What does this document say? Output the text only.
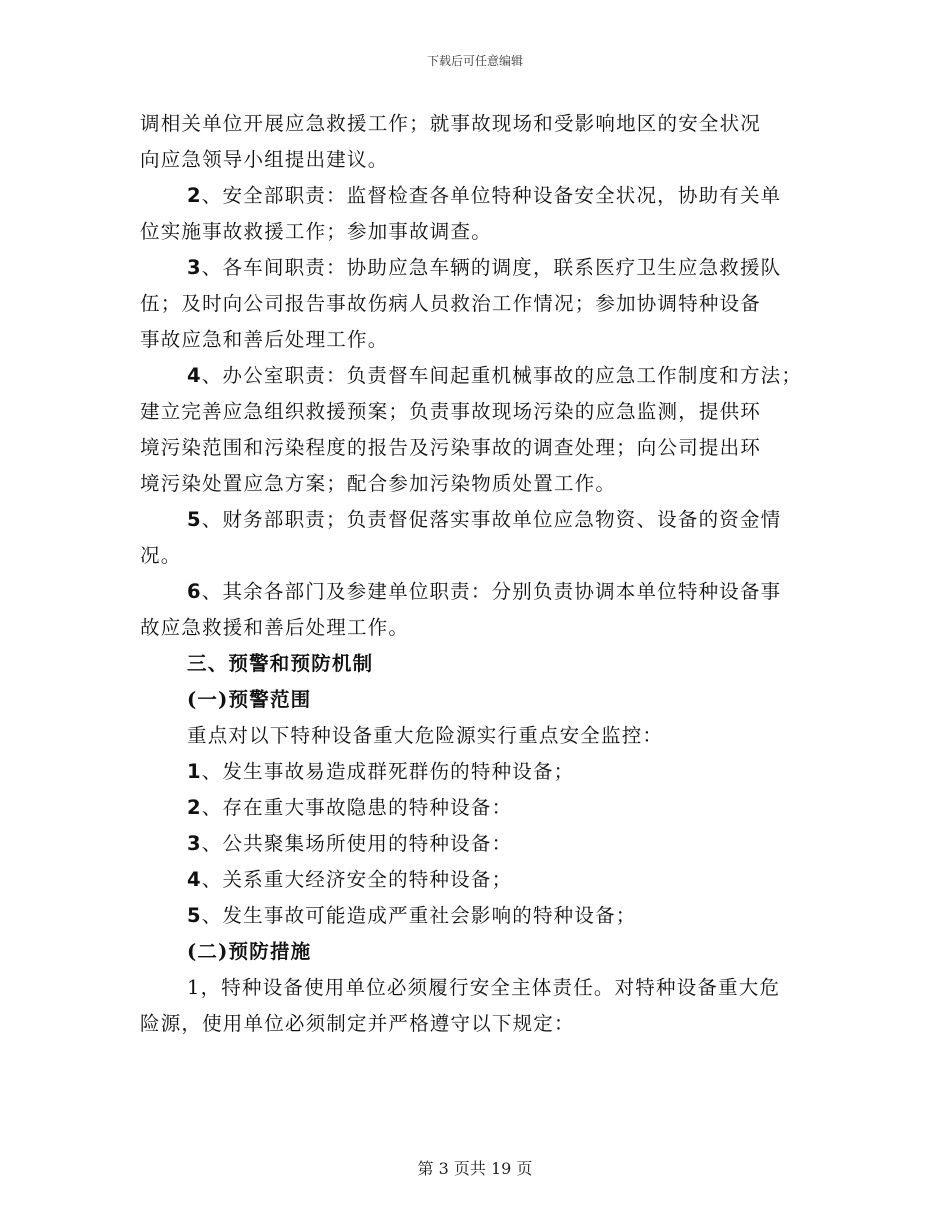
下载后可任意编辑
调相关单位开展应急救援工作；就事故现场和受影响地区的安全状况
向应急领导小组提出建议。
2、安全部职责：监督检查各单位特种设备安全状况，协助有关单
位实施事故救援工作；参加事故调查。
3、各车间职责：协助应急车辆的调度，联系医疗卫生应急救援队
伍；及时向公司报告事故伤病人员救治工作情况；参加协调特种设备
事故应急和善后处理工作。
4、办公室职责：负责督车间起重机械事故的应急工作制度和方法；
建立完善应急组织救援预案；负责事故现场污染的应急监测，提供环
境污染范围和污染程度的报告及污染事故的调查处理；向公司提出环
境污染处置应急方案；配合参加污染物质处置工作。
5、财务部职责；负责督促落实事故单位应急物资、设备的资金情
况。
6、其余各部门及参建单位职责：分别负责协调本单位特种设备事
故应急救援和善后处理工作。
三、预警和预防机制
(一)预警范围
重点对以下特种设备重大危险源实行重点安全监控：
1、发生事故易造成群死群伤的特种设备；
2、存在重大事故隐患的特种设备：
3、公共聚集场所使用的特种设备：
4、关系重大经济安全的特种设备；
5、发生事故可能造成严重社会影响的特种设备；
(二)预防措施
1，特种设备使用单位必须履行安全主体责任。对特种设备重大危
险源，使用单位必须制定并严格遵守以下规定：
第 3 页共 19 页
